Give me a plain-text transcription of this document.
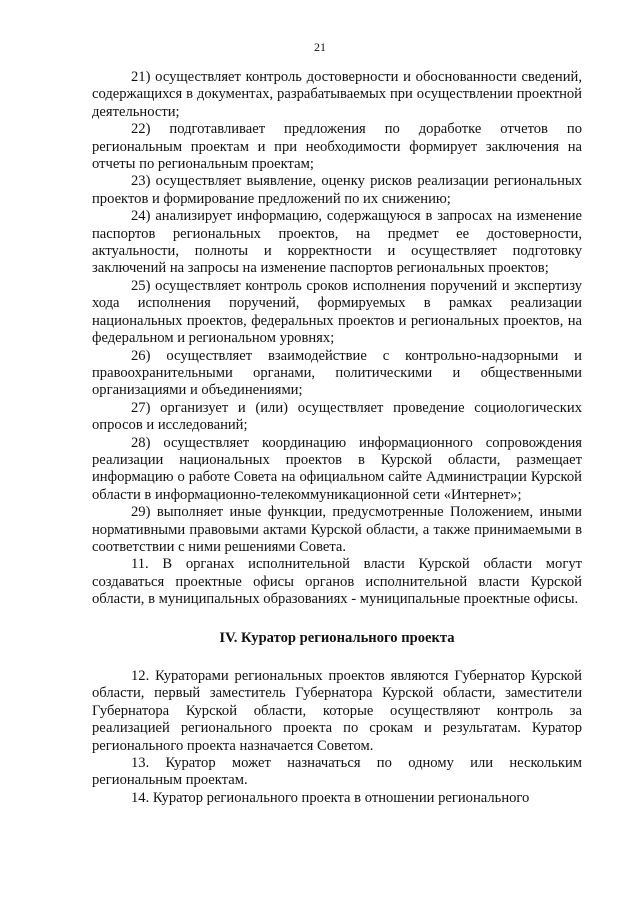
21

21) осуществляет контроль достоверности и обоснованности сведений, содержащихся в документах, разрабатываемых при осуществлении проектной деятельности;

22) подготавливает предложения по доработке отчетов по региональным проектам и при необходимости формирует заключения на отчеты по региональным проектам;

23) осуществляет выявление, оценку рисков реализации региональных проектов и формирование предложений по их снижению;

24) анализирует информацию, содержащуюся в запросах на изменение паспортов региональных проектов, на предмет ее достоверности, актуальности, полноты и корректности и осуществляет подготовку заключений на запросы на изменение паспортов региональных проектов;

25) осуществляет контроль сроков исполнения поручений и экспертизу хода исполнения поручений, формируемых в рамках реализации национальных проектов, федеральных проектов и региональных проектов, на федеральном и региональном уровнях;

26) осуществляет взаимодействие с контрольно-надзорными и правоохранительными органами, политическими и общественными организациями и объединениями;

27) организует и (или) осуществляет проведение социологических опросов и исследований;

28) осуществляет координацию информационного сопровождения реализации национальных проектов в Курской области, размещает информацию о работе Совета на официальном сайте Администрации Курской области в информационно-телекоммуникационной сети «Интернет»;

29) выполняет иные функции, предусмотренные Положением, иными нормативными правовыми актами Курской области, а также принимаемыми в соответствии с ними решениями Совета.

11. В органах исполнительной власти Курской области могут создаваться проектные офисы органов исполнительной власти Курской области, в муниципальных образованиях - муниципальные проектные офисы.

IV. Куратор регионального проекта

12. Кураторами региональных проектов являются Губернатор Курской области, первый заместитель Губернатора Курской области, заместители Губернатора Курской области, которые осуществляют контроль за реализацией регионального проекта по срокам и результатам. Куратор регионального проекта назначается Советом.

13. Куратор может назначаться по одному или нескольким региональным проектам.

14. Куратор регионального проекта в отношении регионального
